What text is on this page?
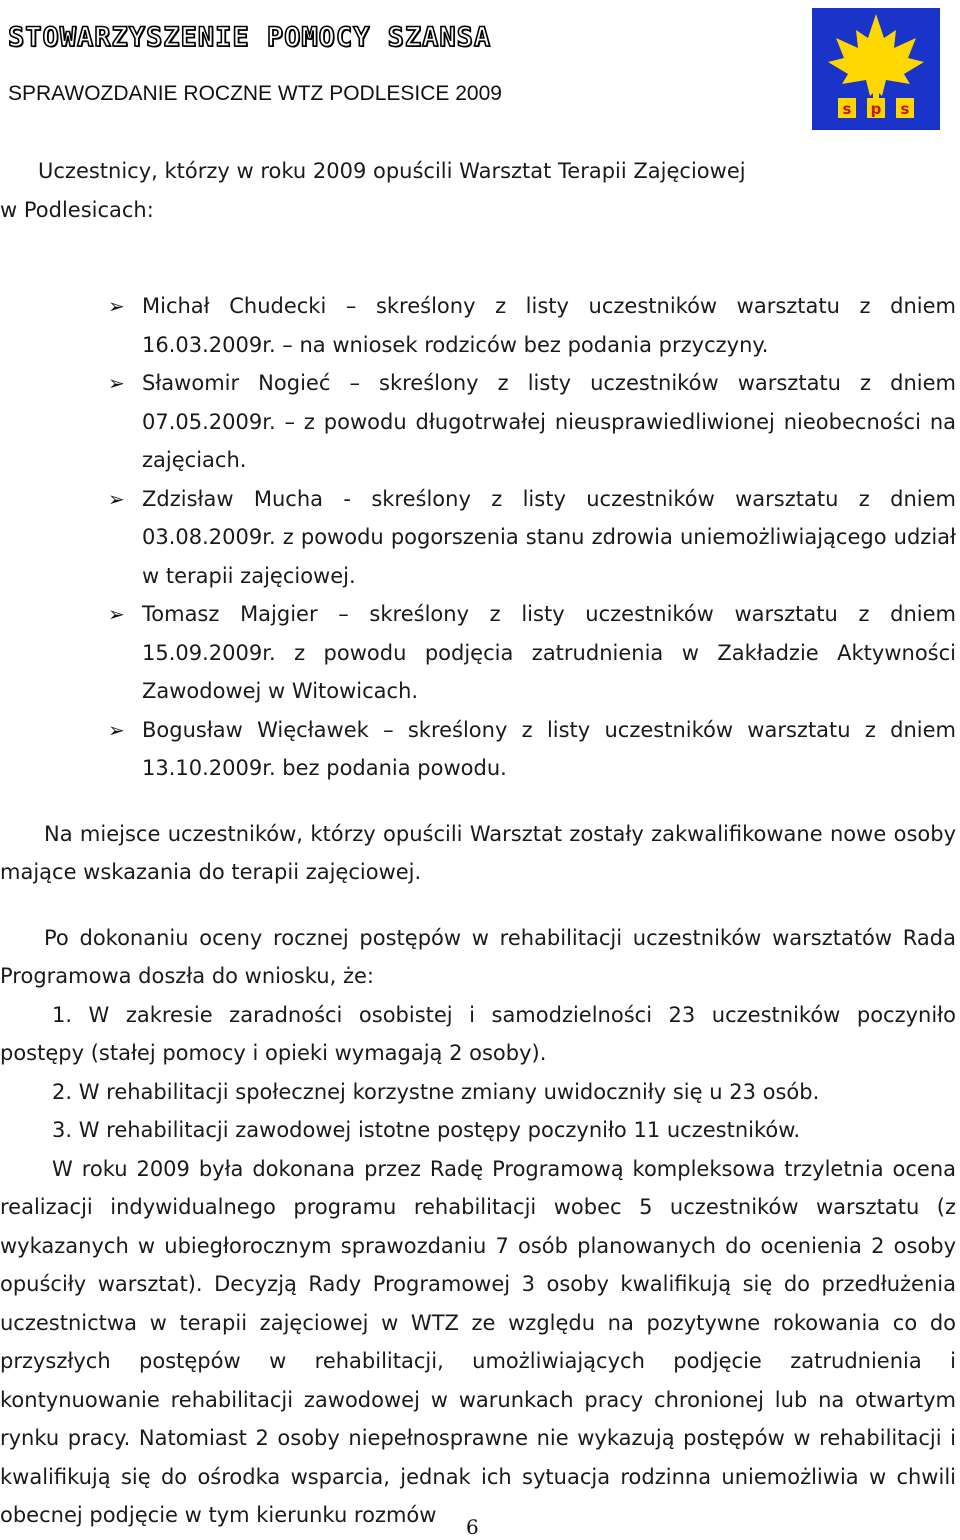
STOWARZYSZENIE POMOCY SZANSA
SPRAWOZDANIE ROCZNE WTZ PODLESICE 2009
s p s

Uczestnicy, którzy w roku 2009 opuścili Warsztat Terapii Zajęciowej
w Podlesicach:

➢ Michał Chudecki – skreślony z listy uczestników warsztatu z dniem 16.03.2009r. – na wniosek rodziców bez podania przyczyny.
➢ Sławomir Nogieć – skreślony z listy uczestników warsztatu z dniem 07.05.2009r. – z powodu długotrwałej nieusprawiedliwionej nieobecności na zajęciach.
➢ Zdzisław Mucha - skreślony z listy uczestników warsztatu z dniem 03.08.2009r. z powodu pogorszenia stanu zdrowia uniemożliwiającego udział w terapii zajęciowej.
➢ Tomasz Majgier – skreślony z listy uczestników warsztatu z dniem 15.09.2009r. z powodu podjęcia zatrudnienia w Zakładzie Aktywności Zawodowej w Witowicach.
➢ Bogusław Więcławek – skreślony z listy uczestników warsztatu z dniem 13.10.2009r. bez podania powodu.

Na miejsce uczestników, którzy opuścili Warsztat zostały zakwalifikowane nowe osoby mające wskazania do terapii zajęciowej.

Po dokonaniu oceny rocznej postępów w rehabilitacji uczestników warsztatów Rada Programowa doszła do wniosku, że:

1. W zakresie zaradności osobistej i samodzielności 23 uczestników poczyniło postępy (stałej pomocy i opieki wymagają 2 osoby).

2. W rehabilitacji społecznej korzystne zmiany uwidoczniły się u 23 osób.

3. W rehabilitacji zawodowej istotne postępy poczyniło 11 uczestników.

W roku 2009 była dokonana przez Radę Programową kompleksowa trzyletnia ocena realizacji indywidualnego programu rehabilitacji wobec 5 uczestników warsztatu (z wykazanych w ubiegłorocznym sprawozdaniu 7 osób planowanych do ocenienia 2 osoby opuściły warsztat). Decyzją Rady Programowej 3 osoby kwalifikują się do przedłużenia uczestnictwa w terapii zajęciowej w WTZ ze względu na pozytywne rokowania co do przyszłych postępów w rehabilitacji, umożliwiających podjęcie zatrudnienia i kontynuowanie rehabilitacji zawodowej w warunkach pracy chronionej lub na otwartym rynku pracy. Natomiast 2 osoby niepełnosprawne nie wykazują postępów w rehabilitacji i kwalifikują się do ośrodka wsparcia, jednak ich sytuacja rodzinna uniemożliwia w chwili obecnej podjęcie w tym kierunku rozmów	6
